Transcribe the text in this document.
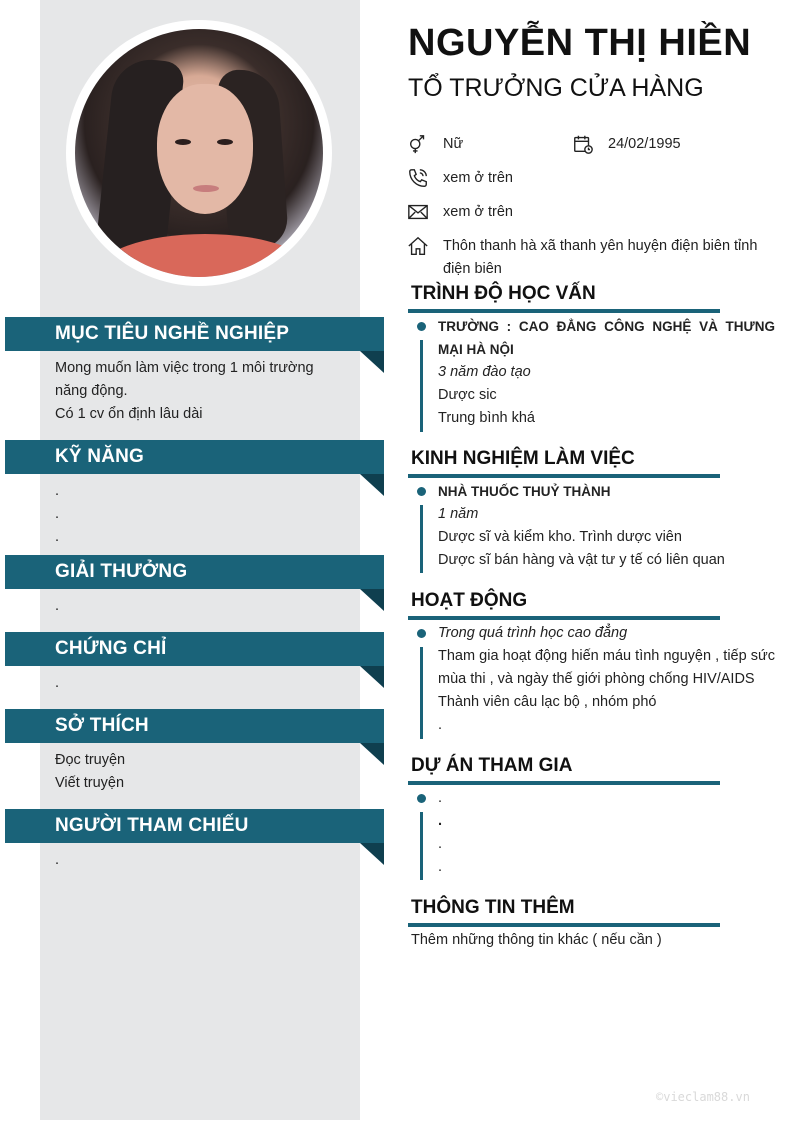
MỤC TIÊU NGHỀ NGHIỆP
Mong muốn làm việc trong 1 môi trường năng động.
Có 1 cv ổn định lâu dài
KỸ NĂNG
.
.
.
GIẢI THƯỞNG
.
CHỨNG CHỈ
.
SỞ THÍCH
Đọc truyện
Viết truyện
NGƯỜI THAM CHIẾU
.
NGUYỄN THỊ HIỀN
TỔ TRƯỞNG CỬA HÀNG
Nữ	24/02/1995
xem ở trên
xem ở trên
Thôn thanh hà xã thanh yên huyện điện biên tỉnh điện biên
TRÌNH ĐỘ HỌC VẤN
TRƯỜNG : CAO ĐẲNG CÔNG NGHỆ VÀ THƯNG MẠI HÀ NỘI
3 năm đào tạo
Dược sic
Trung bình khá
KINH NGHIỆM LÀM VIỆC
NHÀ THUỐC THUỶ THÀNH
1 năm
Dược sĩ và kiểm kho. Trình dược viên
Dược sĩ bán hàng và vật tư y tế có liên quan
HOẠT ĐỘNG
Trong quá trình học cao đẳng
Tham gia hoạt động hiến máu tình nguyện , tiếp sức mùa thi , và ngày thế giới phòng chống HIV/AIDS
Thành viên câu lạc bộ , nhóm phó
.
DỰ ÁN THAM GIA
.
.
.
.
THÔNG TIN THÊM
Thêm những thông tin khác ( nếu cần )
©vieclam88.vn
